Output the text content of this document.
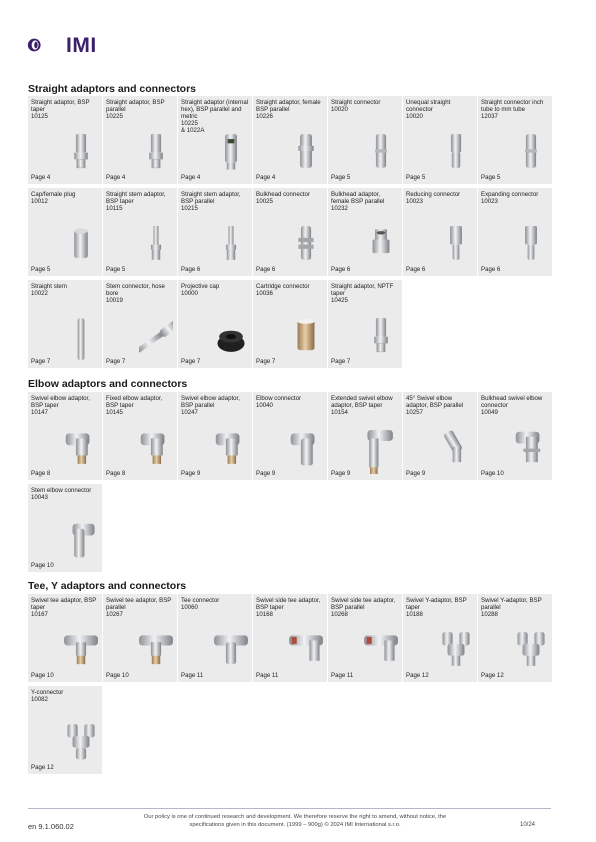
IMI
Straight adaptors and connectors
Elbow adaptors and connectors
Tee, Y adaptors and connectors
Straight adaptor, BSP taper
10125
Page 4
Straight adaptor, BSP parallel
10225
Page 4
Straight adaptor (internal hex), BSP parallel and metric
10225
& 1022A
Page 4
Straight adaptor, female BSP parallel
10226
Page 4
Straight connector
10020
Page 5
Unequal straight connector
10020
Page 5
Straight connector inch tube to mm tube
12037
Page 5
Cap/female plug
10012
Page 5
Straight stem adaptor, BSP taper
10115
Page 5
Straight stem adaptor, BSP parallel
10215
Page 6
Bulkhead connector
10025
Page 6
Bulkhead adaptor, female BSP parallel
10232
Page 6
Reducing connector
10023
Page 6
Expanding connector
10023
Page 6
Straight stem
10022
Page 7
Stem connector, hose bore
10019
Page 7
Projective cap
10000
Page 7
Cartridge connector
10036
Page 7
Straight adaptor, NPTF taper
10425
Page 7
Swivel elbow adaptor, BSP taper
10147
Page 8
Fixed elbow adaptor, BSP taper
10145
Page 8
Swivel elbow adaptor, BSP parallel
10247
Page 9
Elbow connector
10040
Page 9
Extended swivel elbow adaptor, BSP taper 10154
Page 9
45° Swivel elbow adaptor, BSP parallel
10257
Page 9
Bulkhead swivel elbow connector
10049
Page 10
Stem elbow connector
10043
Page 10
Swivel tee adaptor, BSP taper
10167
Page 10
Swivel tee adaptor, BSP parallel
10267
Page 10
Tee connector
10060
Page 11
Swivel side tee adaptor, BSP taper
10168
Page 11
Swivel side tee adaptor, BSP parallel
10268
Page 11
Swivel Y-adaptor, BSP taper
10188
Page 12
Swivel Y-adaptor, BSP parallel
10288
Page 12
Y-connector
10082
Page 12
en 9.1.060.02
Our policy is one of continued research and development. We therefore reserve the right to amend, without notice, the specifications given in this document. (1999 – 900g) © 2024 IMI International s.r.o.	10/24
